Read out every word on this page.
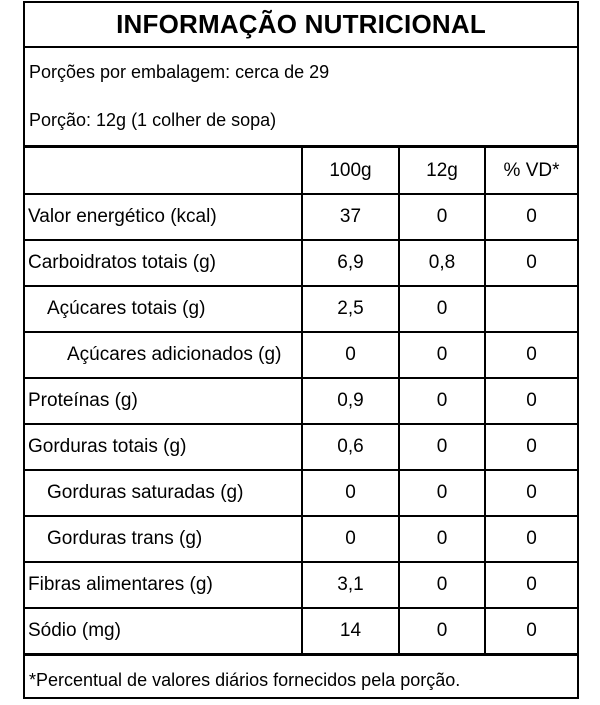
INFORMAÇÃO NUTRICIONAL
Porções por embalagem: cerca de 29
Porção: 12g (1 colher de sopa)
	100g	12g	% VD*
Valor energético (kcal)	37	0	0
Carboidratos totais (g)	6,9	0,8	0
Açúcares totais (g)	2,5	0	
Açúcares adicionados (g)	0	0	0
Proteínas (g)	0,9	0	0
Gorduras totais (g)	0,6	0	0
Gorduras saturadas (g)	0	0	0
Gorduras trans (g)	0	0	0
Fibras alimentares (g)	3,1	0	0
Sódio (mg)	14	0	0
*Percentual de valores diários fornecidos pela porção.
